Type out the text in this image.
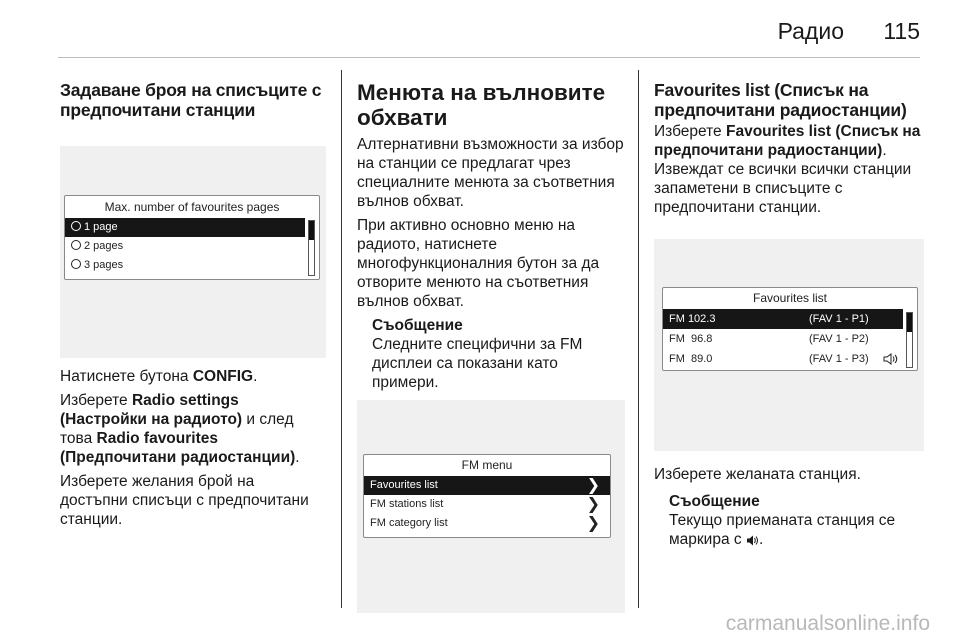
Радио 115
Задаване броя на списъците с предпочитани станции
Max. number of favourites pages
1 page
2 pages
3 pages

Натиснете бутона CONFIG.

Изберете Radio settings (Настройки на радиото) и след това Radio favourites (Предпочитани радиостанции).

Изберете желания брой на достъпни списъци с предпочитани станции.

Менюта на вълновите обхвати

Алтернативни възможности за избор на станции се предлагат чрез специалните менюта за съответния вълнов обхват.

При активно основно меню на радиото, натиснете многофункционалния бутон за да отворите менюто на съответния вълнов обхват.

Съобщение

Следните специфични за FM дисплеи са показани като примери.

FM menu
Favourites list	❯
FM stations list	❯
FM category list	❯
Favourites list (Списък на предпочитани радиостанции)

Изберете Favourites list (Списък на предпочитани радиостанции). Извеждат се всички всички станции запаметени в списъците с предпочитани станции.

Favourites list
FM 102.3	(FAV 1 - P1)
FM  96.8	(FAV 1 - P2)
FM  89.0	(FAV 1 - P3)

Изберете желаната станция.

Съобщение

Текущо приеманата станция се маркира с .

carmanualsonline.info
